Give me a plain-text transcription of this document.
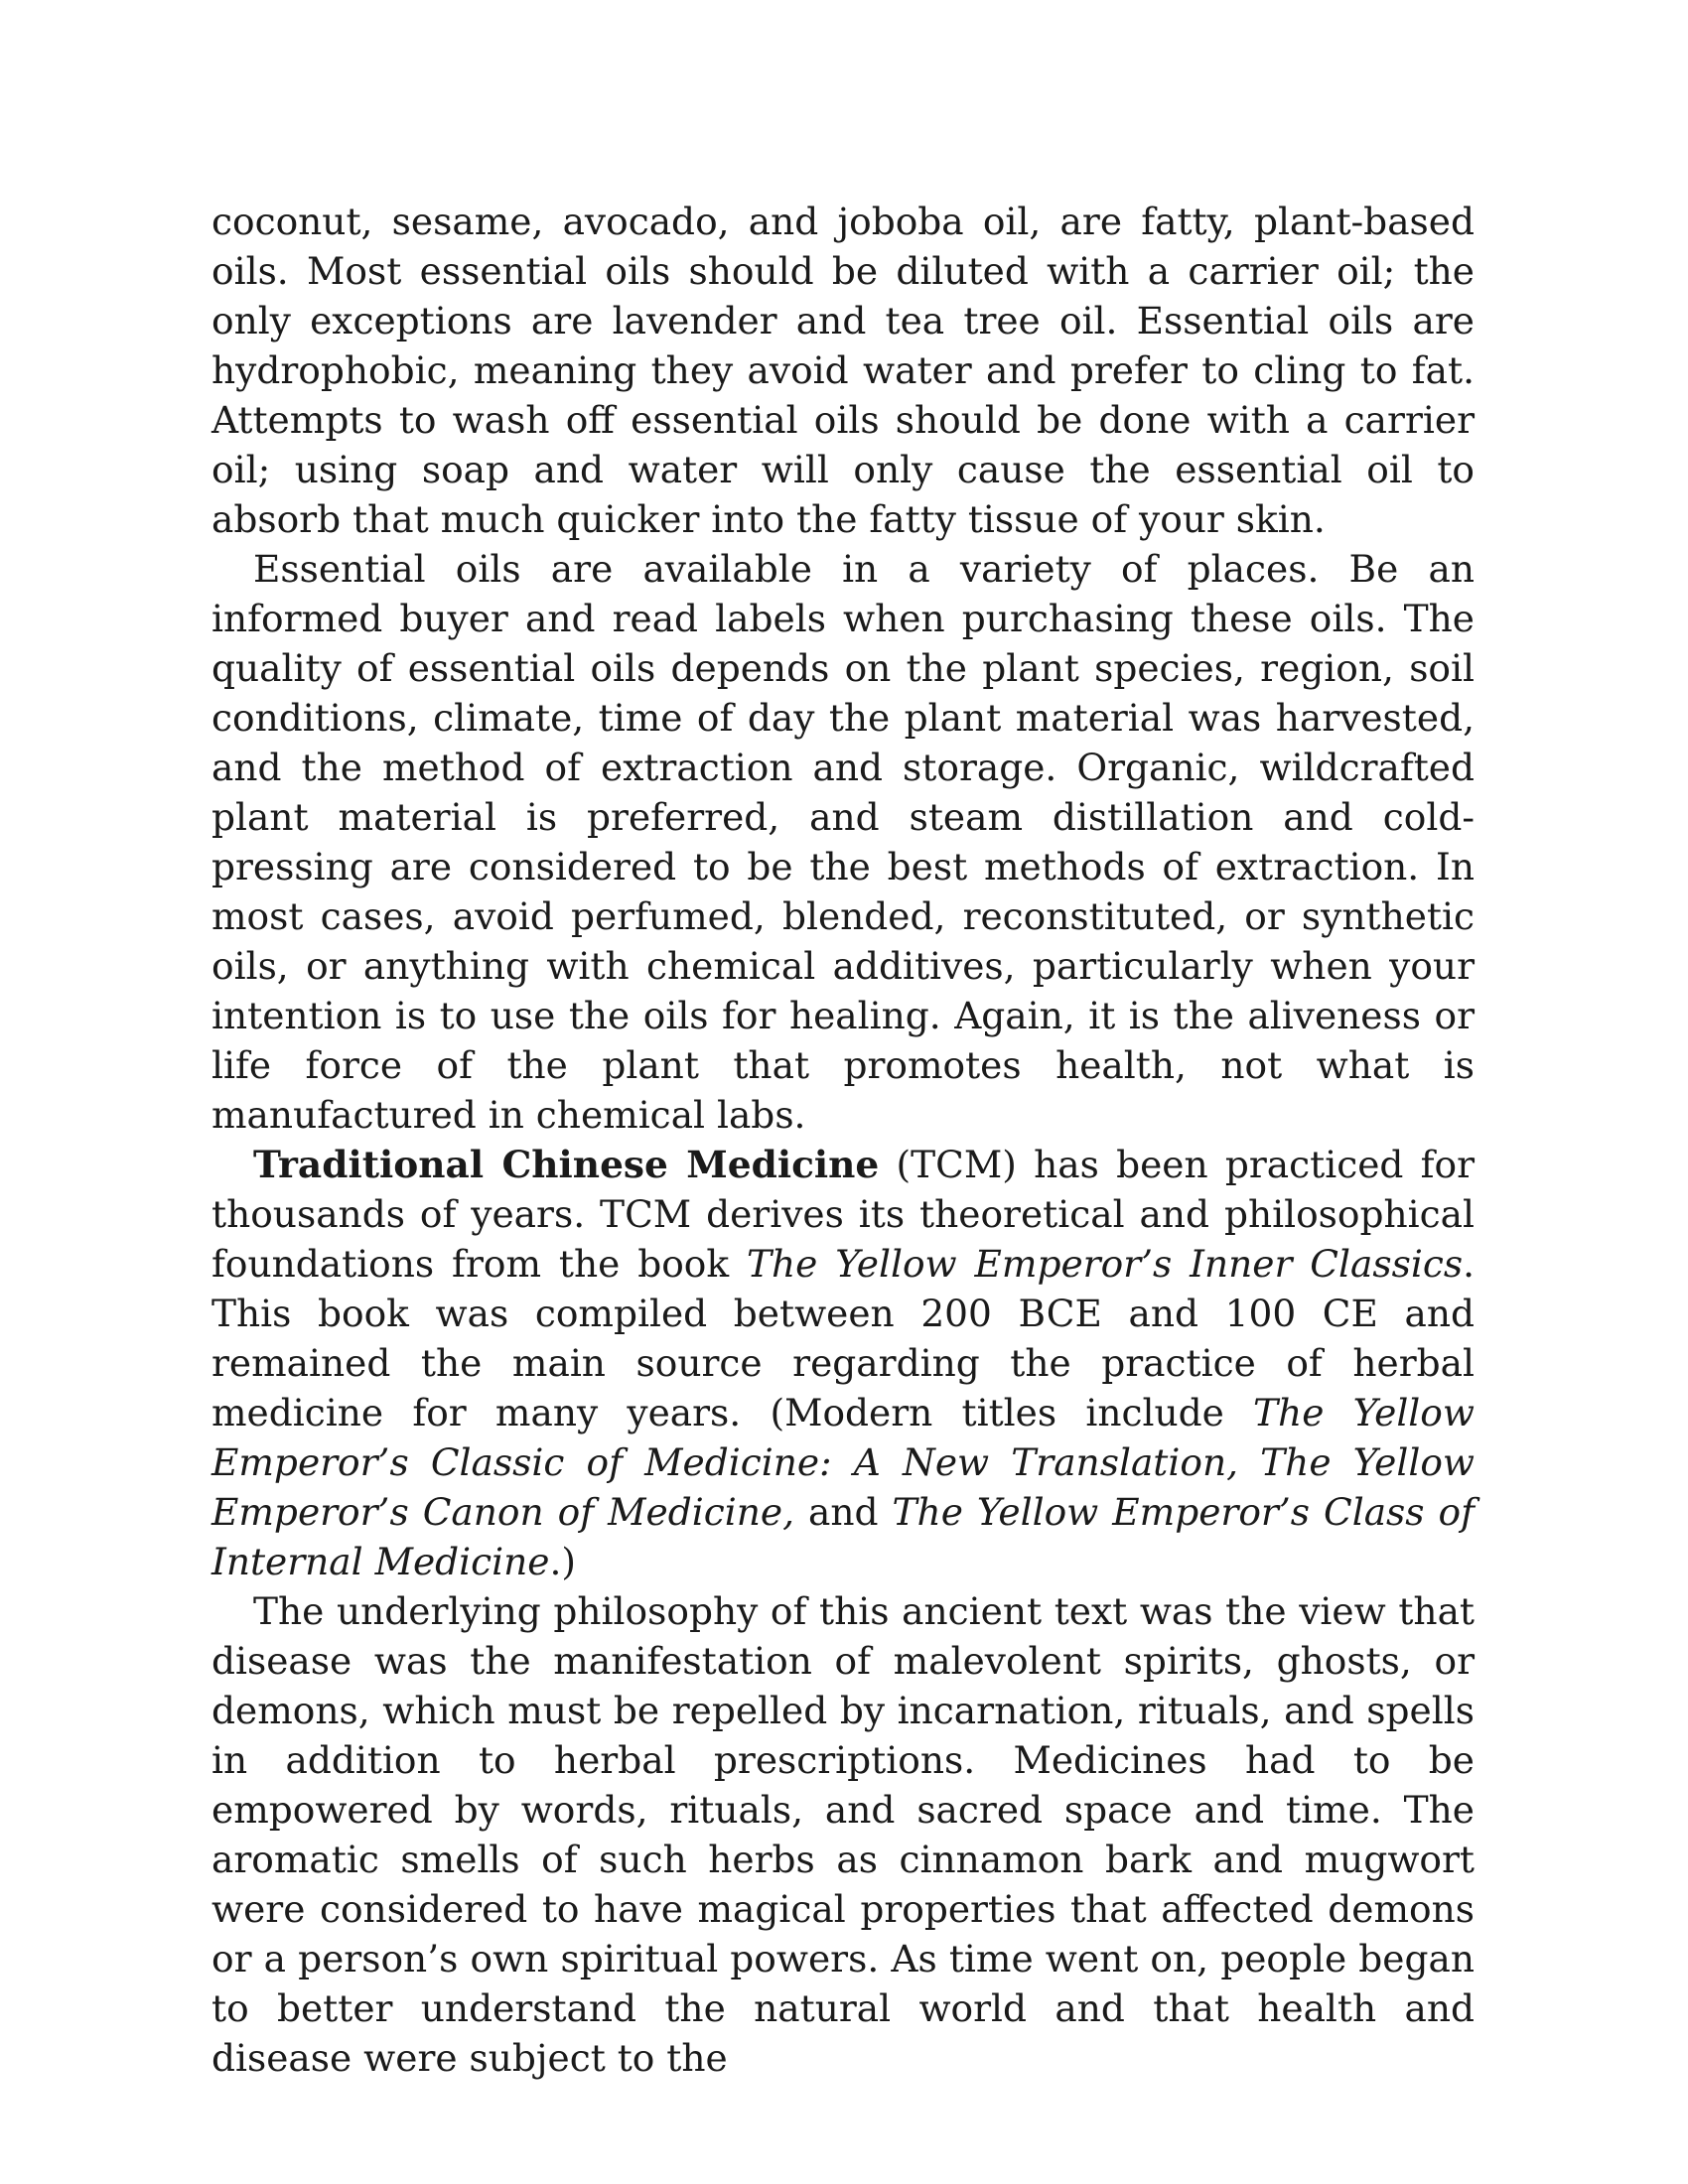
coconut, sesame, avocado, and joboba oil, are fatty, plant-based oils. Most essential oils should be diluted with a carrier oil; the only exceptions are lavender and tea tree oil. Essential oils are hydrophobic, meaning they avoid water and prefer to cling to fat. Attempts to wash off essential oils should be done with a carrier oil; using soap and water will only cause the essential oil to absorb that much quicker into the fatty tissue of your skin.

Essential oils are available in a variety of places. Be an informed buyer and read labels when purchasing these oils. The quality of essential oils depends on the plant species, region, soil conditions, climate, time of day the plant material was harvested, and the method of extraction and storage. Organic, wildcrafted plant material is preferred, and steam distillation and cold-pressing are considered to be the best methods of extraction. In most cases, avoid perfumed, blended, reconstituted, or synthetic oils, or anything with chemical additives, particularly when your intention is to use the oils for healing. Again, it is the aliveness or life force of the plant that promotes health, not what is manufactured in chemical labs.

Traditional Chinese Medicine (TCM) has been practiced for thousands of years. TCM derives its theoretical and philosophical foundations from the book The Yellow Emperor’s Inner Classics. This book was compiled between 200 BCE and 100 CE and remained the main source regarding the practice of herbal medicine for many years. (Modern titles include The Yellow Emperor’s Classic of Medicine: A New Translation, The Yellow Emperor’s Canon of Medicine, and The Yellow Emperor’s Class of Internal Medicine.)

The underlying philosophy of this ancient text was the view that disease was the manifestation of malevolent spirits, ghosts, or demons, which must be repelled by incarnation, rituals, and spells in addition to herbal prescriptions. Medicines had to be empowered by words, rituals, and sacred space and time. The aromatic smells of such herbs as cinnamon bark and mugwort were considered to have magical properties that affected demons or a person’s own spiritual powers. As time went on, people began to better understand the natural world and that health and disease were subject to the
